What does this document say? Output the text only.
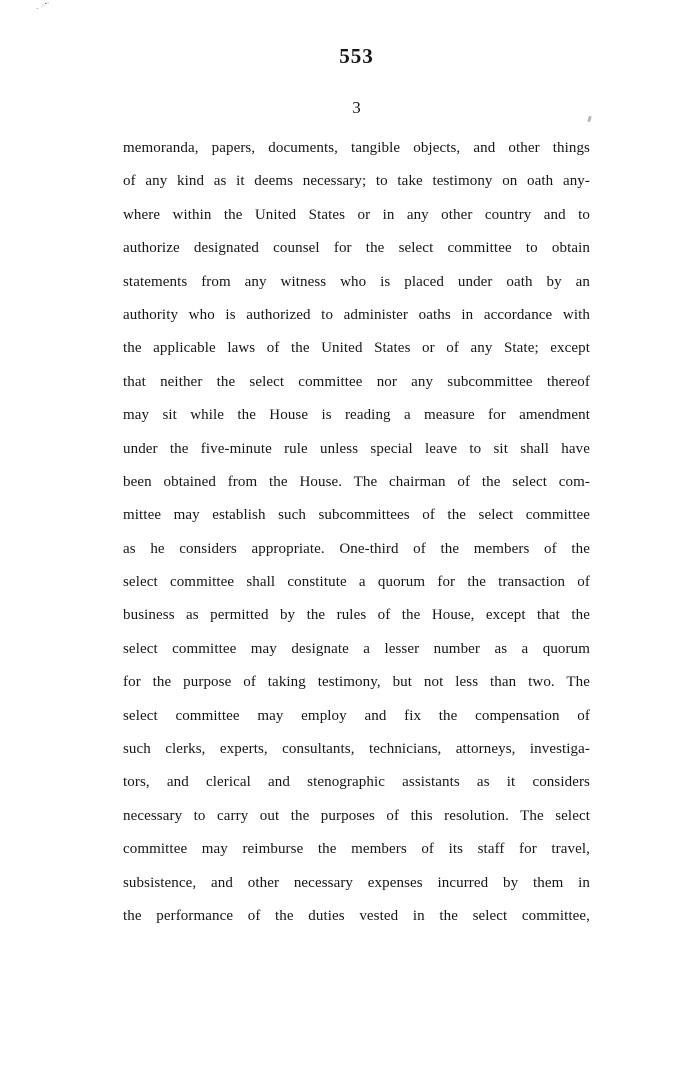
553
3
memoranda, papers, documents, tangible objects, and other things
of any kind as it deems necessary; to take testimony on oath any-
where within the United States or in any other country and to
authorize designated counsel for the select committee to obtain
statements from any witness who is placed under oath by an
authority who is authorized to administer oaths in accordance with
the applicable laws of the United States or of any State; except
that neither the select committee nor any subcommittee thereof
may sit while the House is reading a measure for amendment
under the five-minute rule unless special leave to sit shall have
been obtained from the House. The chairman of the select com-
mittee may establish such subcommittees of the select committee
as he considers appropriate. One-third of the members of the
select committee shall constitute a quorum for the transaction of
business as permitted by the rules of the House, except that the
select committee may designate a lesser number as a quorum
for the purpose of taking testimony, but not less than two. The
select committee may employ and fix the compensation of
such clerks, experts, consultants, technicians, attorneys, investiga-
tors, and clerical and stenographic assistants as it considers
necessary to carry out the purposes of this resolution. The select
committee may reimburse the members of its staff for travel,
subsistence, and other necessary expenses incurred by them in
the performance of the duties vested in the select committee,
